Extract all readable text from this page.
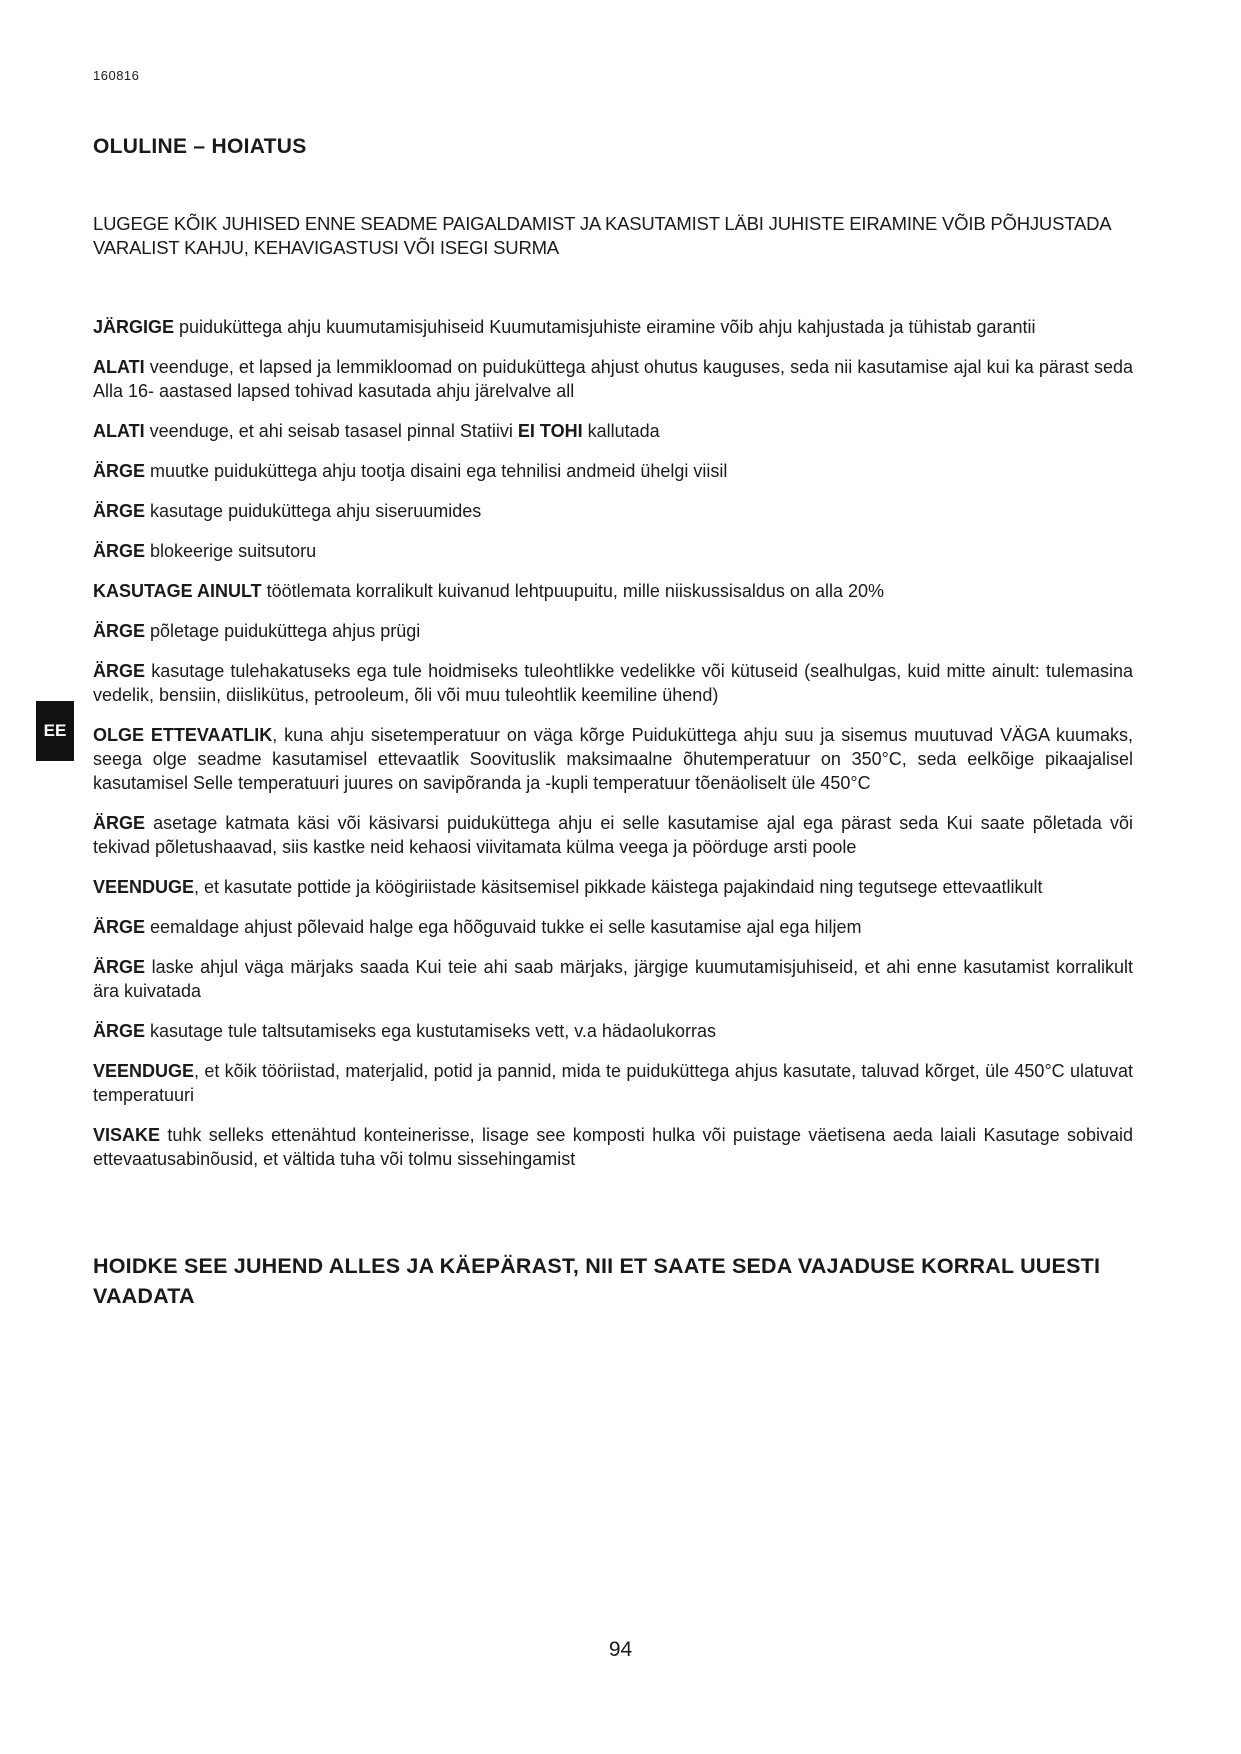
160816
OLULINE – HOIATUS
LUGEGE KÕIK JUHISED ENNE SEADME PAIGALDAMIST JA KASUTAMIST LÄBI JUHISTE EIRAMINE VÕIB PÕHJUSTADA VARALIST KAHJU, KEHAVIGASTUSI VÕI ISEGI SURMA
JÄRGIGE puiduküttega ahju kuumutamisjuhiseid Kuumutamisjuhiste eiramine võib ahju kahjustada ja tühistab garantii
ALATI veenduge, et lapsed ja lemmikloomad on puiduküttega ahjust ohutus kauguses, seda nii kasutamise ajal kui ka pärast seda Alla 16- aastased lapsed tohivad kasutada ahju järelvalve all
ALATI veenduge, et ahi seisab tasasel pinnal Statiivi EI TOHI kallutada
ÄRGE muutke puiduküttega ahju tootja disaini ega tehnilisi andmeid ühelgi viisil
ÄRGE kasutage puiduküttega ahju siseruumides
ÄRGE blokeerige suitsutoru
KASUTAGE AINULT töötlemata korralikult kuivanud lehtpuupuitu, mille niiskussisaldus on alla 20%
ÄRGE põletage puiduküttega ahjus prügi
ÄRGE kasutage tulehakatuseks ega tule hoidmiseks tuleohtlikke vedelikke või kütuseid (sealhulgas, kuid mitte ainult: tulemasina vedelik, bensiin, diislikütus, petrooleum, õli või muu tuleohtlik keemiline ühend)
OLGE ETTEVAATLIK, kuna ahju sisetemperatuur on väga kõrge Puiduküttega ahju suu ja sisemus muutuvad VÄGA kuumaks, seega olge seadme kasutamisel ettevaatlik Soovituslik maksimaalne õhutemperatuur on 350°C, seda eelkõige pikaajalisel kasutamisel Selle temperatuuri juures on savipõranda ja -kupli temperatuur tõenäoliselt üle 450°C
ÄRGE asetage katmata käsi või käsivarsi puiduküttega ahju ei selle kasutamise ajal ega pärast seda Kui saate põletada või tekivad põletushaavad, siis kastke neid kehaosi viivitamata külma veega ja pöörduge arsti poole
VEENDUGE, et kasutate pottide ja köögiriistade käsitsemisel pikkade käistega pajakindaid ning tegutsege ettevaatlikult
ÄRGE eemaldage ahjust põlevaid halge ega hõõguvaid tukke ei selle kasutamise ajal ega hiljem
ÄRGE laske ahjul väga märjaks saada Kui teie ahi saab märjaks, järgige kuumutamisjuhiseid, et ahi enne kasutamist korralikult ära kuivatada
ÄRGE kasutage tule taltsutamiseks ega kustutamiseks vett, v.a hädaolukorras
VEENDUGE, et kõik tööriistad, materjalid, potid ja pannid, mida te puiduküttega ahjus kasutate, taluvad kõrget, üle 450°C ulatuvat temperatuuri
VISAKE tuhk selleks ettenähtud konteinerisse, lisage see komposti hulka või puistage väetisena aeda laiali Kasutage sobivaid ettevaatusabinõusid, et vältida tuha või tolmu sissehingamist
HOIDKE SEE JUHEND ALLES JA KÄEPÄRAST, NII ET SAATE SEDA VAJADUSE KORRAL UUESTI VAADATA
EE
94
